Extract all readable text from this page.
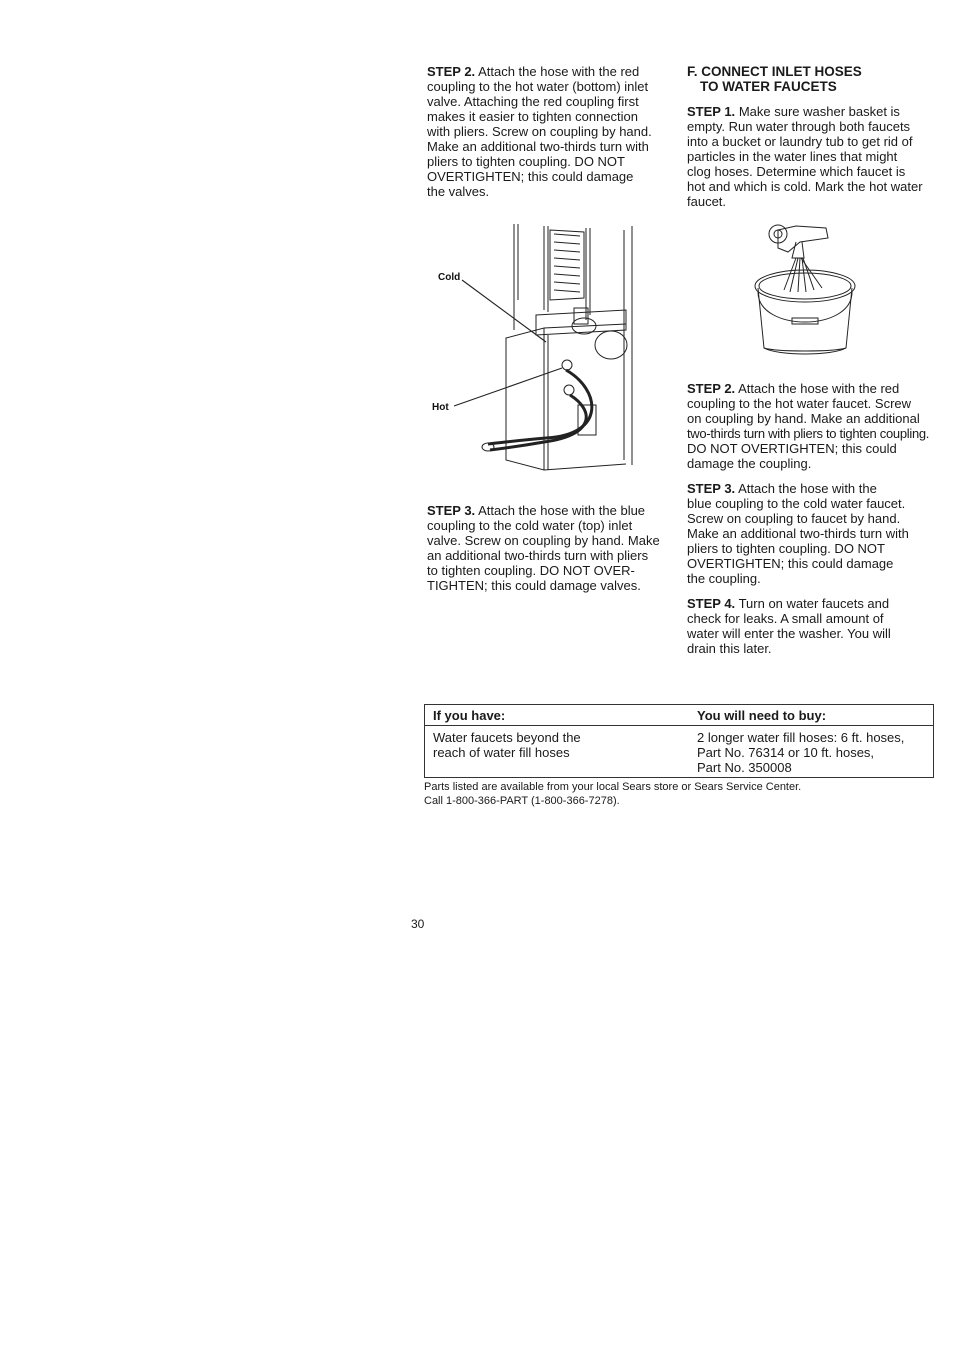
STEP 2. Attach the hose with the red
coupling to the hot water (bottom) inlet
valve. Attaching the red coupling first
makes it easier to tighten connection
with pliers. Screw on coupling by hand.
Make an additional two-thirds turn with
pliers to tighten coupling. DO NOT
OVERTIGHTEN; this could damage
the valves.

Cold
Hot
STEP 3. Attach the hose with the blue
coupling to the cold water (top) inlet
valve. Screw on coupling by hand. Make
an additional two-thirds turn with pliers
to tighten coupling. DO NOT OVER-
TIGHTEN; this could damage valves.
F. CONNECT INLET HOSES
TO WATER FAUCETS

STEP 1. Make sure washer basket is
empty. Run water through both faucets
into a bucket or laundry tub to get rid of
particles in the water lines that might
clog hoses. Determine which faucet is
hot and which is cold. Mark the hot water
faucet.

STEP 2. Attach the hose with the red
coupling to the hot water faucet. Screw
on coupling by hand. Make an additional
two-thirds turn with pliers to tighten coupling.
DO NOT OVERTIGHTEN; this could
damage the coupling.

STEP 3. Attach the hose with the
blue coupling to the cold water faucet.
Screw on coupling to faucet by hand.
Make an additional two-thirds turn with
pliers to tighten coupling. DO NOT
OVERTIGHTEN; this could damage
the coupling.

STEP 4. Turn on water faucets and
check for leaks. A small amount of
water will enter the washer. You will
drain this later.

If you have:	You will need to buy:
Water faucets beyond the
reach of water fill hoses	2 longer water fill hoses: 6 ft. hoses,
Part No. 76314 or 10 ft. hoses,
Part No. 350008
Parts listed are available from your local Sears store or Sears Service Center.
Call 1-800-366-PART (1-800-366-7278).
30
